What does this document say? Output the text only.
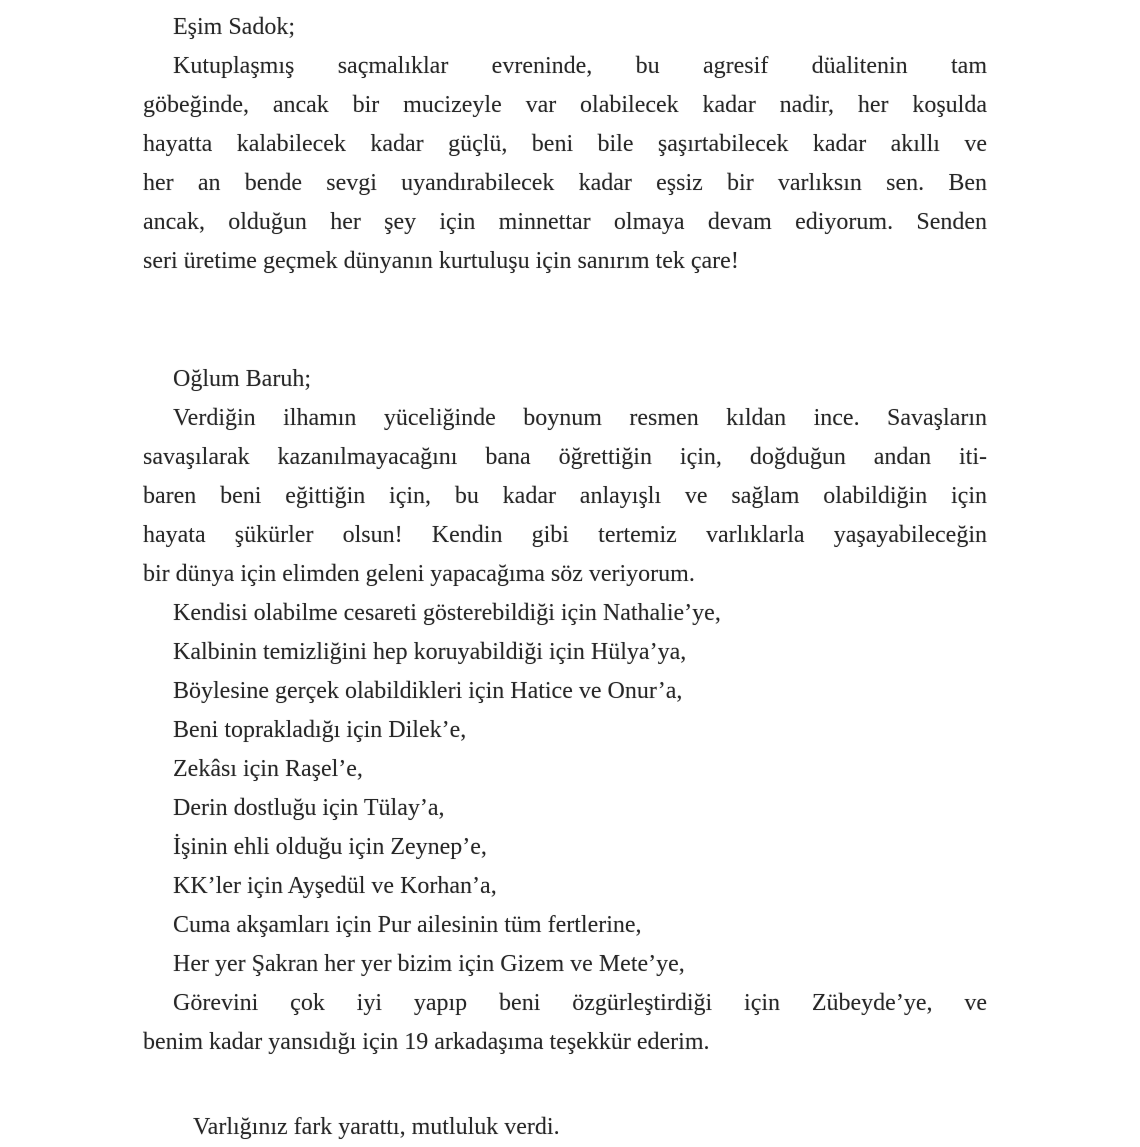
Eşim Sadok;
Kutuplaşmış saçmalıklar evreninde, bu agresif düalitenin tam
göbeğinde, ancak bir mucizeyle var olabilecek kadar nadir, her koşulda
hayatta kalabilecek kadar güçlü, beni bile şaşırtabilecek kadar akıllı ve
her an bende sevgi uyandırabilecek kadar eşsiz bir varlıksın sen. Ben
ancak, olduğun her şey için minnettar olmaya devam ediyorum. Senden
seri üretime geçmek dünyanın kurtuluşu için sanırım tek çare!
Oğlum Baruh;
Verdiğin ilhamın yüceliğinde boynum resmen kıldan ince. Savaşların
savaşılarak kazanılmayacağını bana öğrettiğin için, doğduğun andan iti-
baren beni eğittiğin için, bu kadar anlayışlı ve sağlam olabildiğin için
hayata şükürler olsun! Kendin gibi tertemiz varlıklarla yaşayabileceğin
bir dünya için elimden geleni yapacağıma söz veriyorum.
Kendisi olabilme cesareti gösterebildiği için Nathalie’ye,
Kalbinin temizliğini hep koruyabildiği için Hülya’ya,
Böylesine gerçek olabildikleri için Hatice ve Onur’a,
Beni toprakladığı için Dilek’e,
Zekâsı için Raşel’e,
Derin dostluğu için Tülay’a,
İşinin ehli olduğu için Zeynep’e,
KK’ler için Ayşedül ve Korhan’a,
Cuma akşamları için Pur ailesinin tüm fertlerine,
Her yer Şakran her yer bizim için Gizem ve Mete’ye,
Görevini çok iyi yapıp beni özgürleştirdiği için Zübeyde’ye, ve
benim kadar yansıdığı için 19 arkadaşıma teşekkür ederim.
Varlığınız fark yarattı, mutluluk verdi.
